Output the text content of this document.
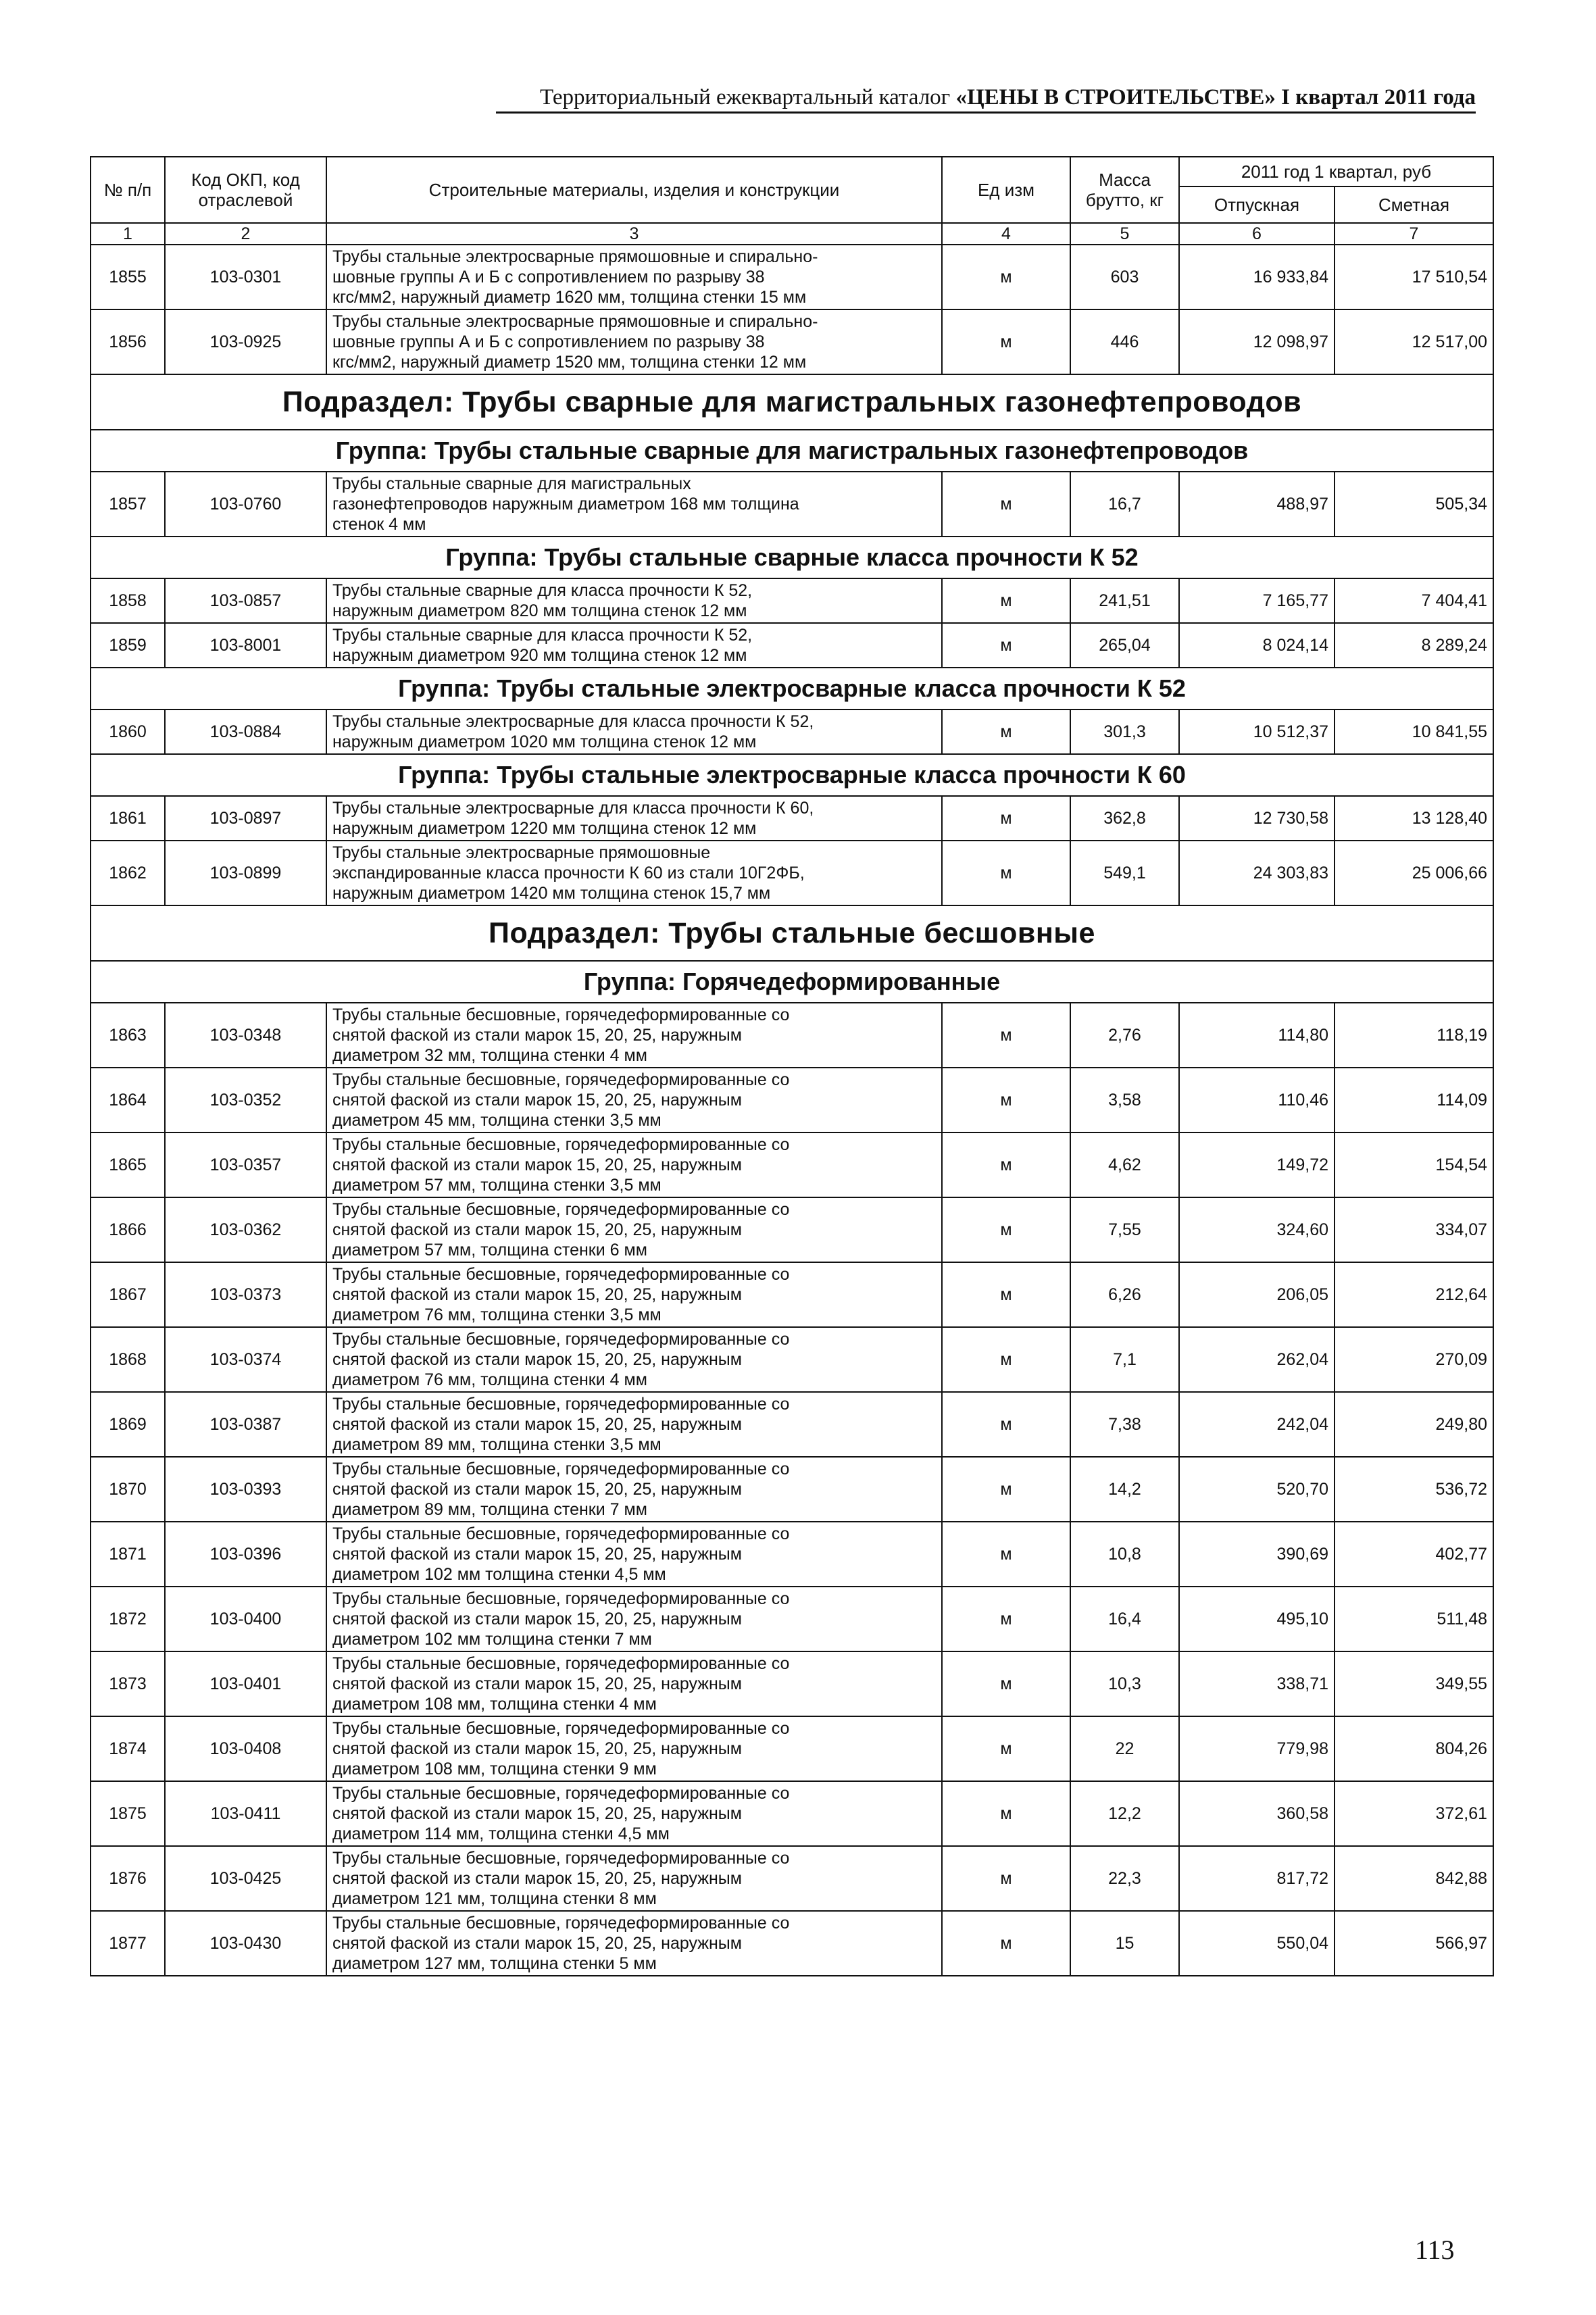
Территориальный ежеквартальный каталог «ЦЕНЫ В СТРОИТЕЛЬСТВЕ» I квартал 2011 года
№ п/п	Код ОКП, код отраслевой	Строительные материалы, изделия и конструкции	Ед изм	Масса брутто, кг	2011 год 1 квартал, руб	
					Отпускная	Сметная
1	2	3	4	5	6	7
1855	103-0301	Трубы стальные электросварные прямошовные и спирально-
шовные группы А и Б с сопротивлением по разрыву 38
кгс/мм2, наружный диаметр 1620 мм, толщина стенки 15 мм	м	603	16 933,84	17 510,54
1856	103-0925	Трубы стальные электросварные прямошовные и спирально-
шовные группы А и Б с сопротивлением по разрыву 38
кгс/мм2, наружный диаметр 1520 мм, толщина стенки 12 мм	м	446	12 098,97	12 517,00
Подраздел: Трубы сварные для магистральных газонефтепроводов						
Группа: Трубы стальные сварные для магистральных газонефтепроводов						
1857	103-0760	Трубы стальные сварные для магистральных
газонефтепроводов наружным диаметром 168 мм толщина
стенок 4 мм	м	16,7	488,97	505,34
Группа: Трубы стальные сварные класса прочности К 52						
1858	103-0857	Трубы стальные сварные для класса прочности К 52,
наружным диаметром 820 мм толщина стенок 12 мм	м	241,51	7 165,77	7 404,41
1859	103-8001	Трубы стальные сварные для класса прочности К 52,
наружным диаметром 920 мм толщина стенок 12 мм	м	265,04	8 024,14	8 289,24
Группа: Трубы стальные электросварные класса прочности К 52						
1860	103-0884	Трубы стальные электросварные для класса прочности К 52,
наружным диаметром 1020 мм толщина стенок 12 мм	м	301,3	10 512,37	10 841,55
Группа: Трубы стальные электросварные класса прочности К 60						
1861	103-0897	Трубы стальные электросварные для класса прочности К 60,
наружным диаметром 1220 мм толщина стенок 12 мм	м	362,8	12 730,58	13 128,40
1862	103-0899	Трубы стальные электросварные прямошовные
экспандированные класса прочности К 60 из стали 10Г2ФБ,
наружным диаметром 1420 мм толщина стенок 15,7 мм	м	549,1	24 303,83	25 006,66
Подраздел: Трубы стальные бесшовные						
Группа: Горячедеформированные						
1863	103-0348	Трубы стальные бесшовные, горячедеформированные со
снятой фаской из стали марок 15, 20, 25, наружным
диаметром 32 мм, толщина стенки 4 мм	м	2,76	114,80	118,19
1864	103-0352	Трубы стальные бесшовные, горячедеформированные со
снятой фаской из стали марок 15, 20, 25, наружным
диаметром 45 мм, толщина стенки 3,5 мм	м	3,58	110,46	114,09
1865	103-0357	Трубы стальные бесшовные, горячедеформированные со
снятой фаской из стали марок 15, 20, 25, наружным
диаметром 57 мм, толщина стенки 3,5 мм	м	4,62	149,72	154,54
1866	103-0362	Трубы стальные бесшовные, горячедеформированные со
снятой фаской из стали марок 15, 20, 25, наружным
диаметром 57 мм, толщина стенки 6 мм	м	7,55	324,60	334,07
1867	103-0373	Трубы стальные бесшовные, горячедеформированные со
снятой фаской из стали марок 15, 20, 25, наружным
диаметром 76 мм, толщина стенки 3,5 мм	м	6,26	206,05	212,64
1868	103-0374	Трубы стальные бесшовные, горячедеформированные со
снятой фаской из стали марок 15, 20, 25, наружным
диаметром 76 мм, толщина стенки 4 мм	м	7,1	262,04	270,09
1869	103-0387	Трубы стальные бесшовные, горячедеформированные со
снятой фаской из стали марок 15, 20, 25, наружным
диаметром 89 мм, толщина стенки 3,5 мм	м	7,38	242,04	249,80
1870	103-0393	Трубы стальные бесшовные, горячедеформированные со
снятой фаской из стали марок 15, 20, 25, наружным
диаметром 89 мм, толщина стенки 7 мм	м	14,2	520,70	536,72
1871	103-0396	Трубы стальные бесшовные, горячедеформированные со
снятой фаской из стали марок 15, 20, 25, наружным
диаметром 102 мм толщина стенки 4,5 мм	м	10,8	390,69	402,77
1872	103-0400	Трубы стальные бесшовные, горячедеформированные со
снятой фаской из стали марок 15, 20, 25, наружным
диаметром 102 мм толщина стенки 7 мм	м	16,4	495,10	511,48
1873	103-0401	Трубы стальные бесшовные, горячедеформированные со
снятой фаской из стали марок 15, 20, 25, наружным
диаметром 108 мм, толщина стенки 4 мм	м	10,3	338,71	349,55
1874	103-0408	Трубы стальные бесшовные, горячедеформированные со
снятой фаской из стали марок 15, 20, 25, наружным
диаметром 108 мм, толщина стенки 9 мм	м	22	779,98	804,26
1875	103-0411	Трубы стальные бесшовные, горячедеформированные со
снятой фаской из стали марок 15, 20, 25, наружным
диаметром 114 мм, толщина стенки 4,5 мм	м	12,2	360,58	372,61
1876	103-0425	Трубы стальные бесшовные, горячедеформированные со
снятой фаской из стали марок 15, 20, 25, наружным
диаметром 121 мм, толщина стенки 8 мм	м	22,3	817,72	842,88
1877	103-0430	Трубы стальные бесшовные, горячедеформированные со
снятой фаской из стали марок 15, 20, 25, наружным
диаметром 127 мм, толщина стенки 5 мм	м	15	550,04	566,97
113
